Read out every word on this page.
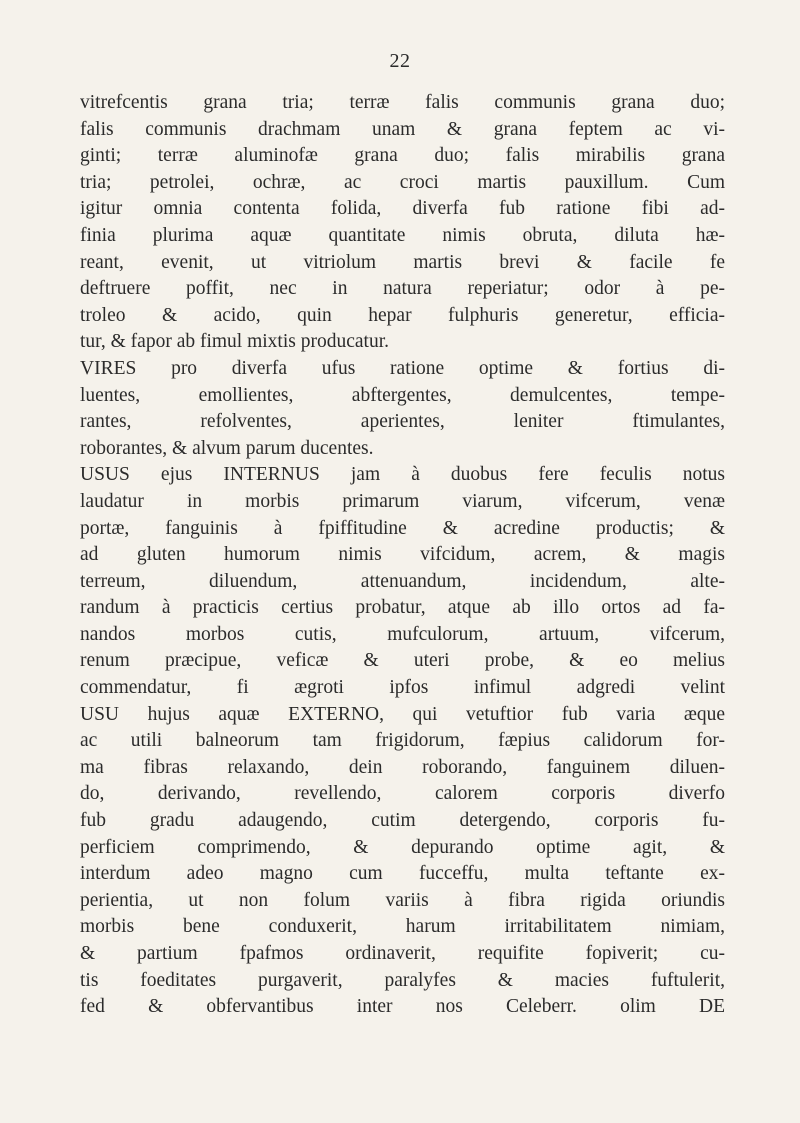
22
vitrefcentis grana tria; terræ falis communis grana duo;
falis communis drachmam unam & grana feptem ac vi-
ginti; terræ aluminofæ grana duo; falis mirabilis grana
tria; petrolei, ochræ, ac croci martis pauxillum. Cum
igitur omnia contenta folida, diverfa fub ratione fibi ad-
finia plurima aquæ quantitate nimis obruta, diluta hæ-
reant, evenit, ut vitriolum martis brevi & facile fe
deftruere poffit, nec in natura reperiatur; odor à pe-
troleo & acido, quin hepar fulphuris generetur, efficia-
tur, & fapor ab fimul mixtis producatur.
VIRES pro diverfa ufus ratione optime & fortius di-
luentes, emollientes, abftergentes, demulcentes, tempe-
rantes, refolventes, aperientes, leniter ftimulantes,
roborantes, & alvum parum ducentes.
USUS ejus INTERNUS jam à duobus fere feculis notus
laudatur in morbis primarum viarum, vifcerum, venæ
portæ, fanguinis à fpiffitudine & acredine productis; &
ad gluten humorum nimis vifcidum, acrem, & magis
terreum, diluendum, attenuandum, incidendum, alte-
randum à practicis certius probatur, atque ab illo ortos ad fa-
nandos morbos cutis, mufculorum, artuum, vifcerum,
renum præcipue, veficæ & uteri probe, & eo melius
commendatur, fi ægroti ipfos infimul adgredi velint
USU hujus aquæ EXTERNO, qui vetuftior fub varia æque
ac utili balneorum tam frigidorum, fæpius calidorum for-
ma fibras relaxando, dein roborando, fanguinem diluen-
do, derivando, revellendo, calorem corporis diverfo
fub gradu adaugendo, cutim detergendo, corporis fu-
perficiem comprimendo, & depurando optime agit, &
interdum adeo magno cum fucceffu, multa teftante ex-
perientia, ut non folum variis à fibra rigida oriundis
morbis bene conduxerit, harum irritabilitatem nimiam,
& partium fpafmos ordinaverit, requifite fopiverit; cu-
tis foeditates purgaverit, paralyfes & macies fuftulerit,
fed & obfervantibus inter nos Celeberr. olim DE
